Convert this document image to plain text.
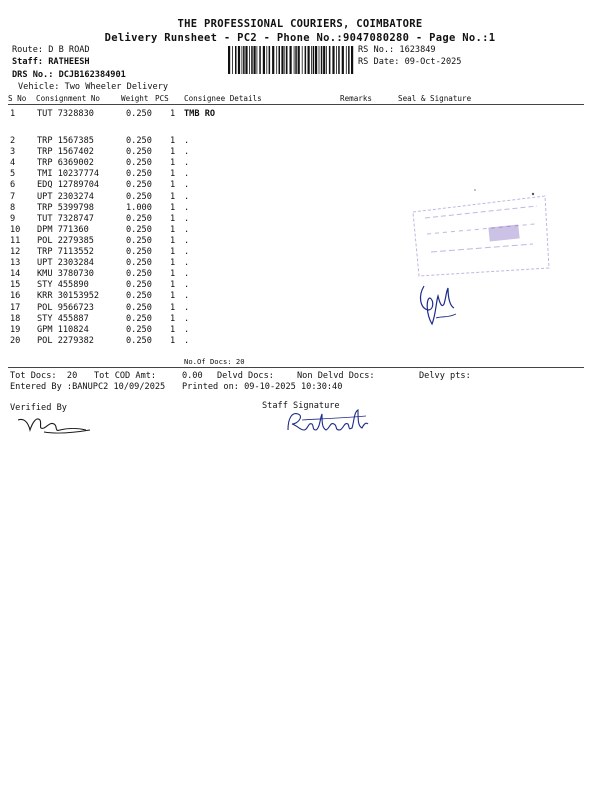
THE PROFESSIONAL COURIERS, COIMBATORE
Delivery Runsheet - PC2 - Phone No.:9047080280 - Page No.:1
Route: D B ROAD
Staff: RATHEESH
DRS No.: DCJB162384901
Vehicle: Two Wheeler Delivery
RS No.: 1623849
RS Date: 09-Oct-2025
S No Consignment No	Weight PCS Consignee Details	Remarks	Seal & Signature
1	TUT 7328830	0.250 1 TMB RO
2	TRP 1567385	0.250 1 .
3	TRP 1567402	0.250 1 .
4	TRP 6369002	0.250 1 .
5	TMI 10237774	0.250 1 .
6	EDQ 12789704	0.250 1 .
7	UPT 2303274	0.250 1 .
8	TRP 5399798	1.000 1 .
9	TUT 7328747	0.250 1 .
10 DPM 771360	0.250 1 .
11 POL 2279385	0.250 1 .
12 TRP 7113552	0.250 1 .
13 UPT 2303284	0.250 1 .
14 KMU 3780730	0.250 1 .
15 STY 455890	0.250 1 .
16 KRR 30153952	0.250 1 .
17 POL 9566723	0.250 1 .
18 STY 455887	0.250 1 .
19 GPM 110824	0.250 1 .
20 POL 2279382	0.250 1 .
No.Of Docs: 20
Tot Docs:  20 Tot COD Amt:     0.00 Delvd Docs:	Non Delvd Docs:	Delvy pts:
Entered By :BANUPC2 10/09/2025 Printed on: 09-10-2025 10:30:40
Verified By	Staff Signature
